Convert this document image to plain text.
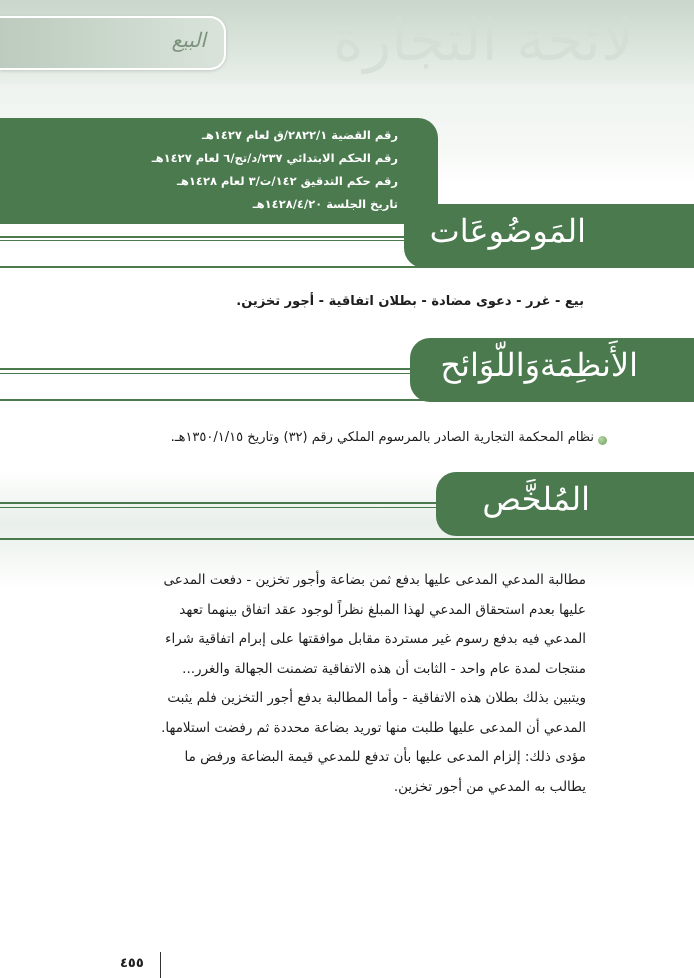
لائحة التجارة
البيع
رقم القضية ٢٨٢٢/١/ق لعام ١٤٢٧هـ
رقم الحكم الابتدائي ٢٣٧/د/تج/٦ لعام ١٤٢٧هـ
رقم حكم التدقيق ١٤٢/ت/٣ لعام ١٤٢٨هـ
تاريخ الجلسة ١٤٢٨/٤/٢٠هـ
المَوضُوعَات
بيع - غرر - دعوى مضادة - بطلان اتفاقية - أجور تخزين.
الأَنظِمَةوَاللّوَائح
نظام المحكمة التجارية الصادر بالمرسوم الملكي رقم (٣٢) وتاريخ ١٣٥٠/١/١٥هـ.
المُلخَّص
مطالبة المدعي المدعى عليها بدفع ثمن بضاعة وأجور تخزين - دفعت المدعى
عليها بعدم استحقاق المدعي لهذا المبلغ نظراً لوجود عقد اتفاق بينهما تعهد
المدعي فيه بدفع رسوم غير مستردة مقابل موافقتها على إبرام اتفاقية شراء
منتجات لمدة عام واحد - الثابت أن هذه الاتفاقية تضمنت الجهالة والغرر...
ويتبين بذلك بطلان هذه الاتفاقية - وأما المطالبة بدفع أجور التخزين فلم يثبت
المدعي أن المدعى عليها طلبت منها توريد بضاعة محددة ثم رفضت استلامها.
مؤدى ذلك: إلزام المدعى عليها بأن تدفع للمدعي قيمة البضاعة ورفض ما
يطالب به المدعي من أجور تخزين.
٤٥٥
